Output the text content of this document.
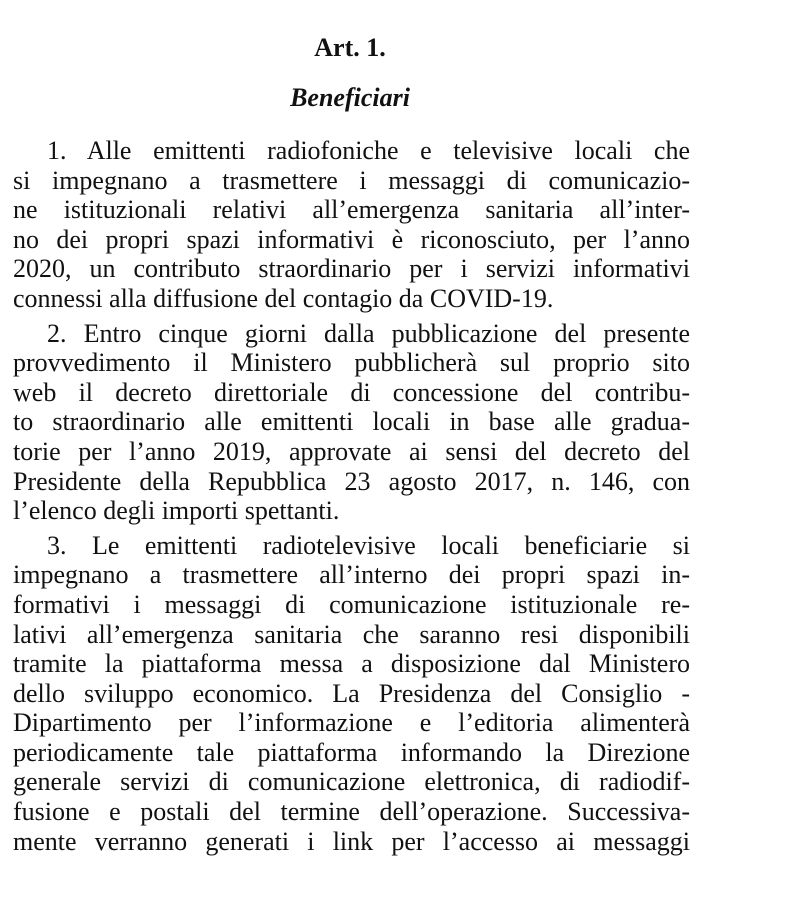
Art. 1.
Beneficiari
1. Alle emittenti radiofoniche e televisive locali che
si impegnano a trasmettere i messaggi di comunicazio-
ne istituzionali relativi all’emergenza sanitaria all’inter-
no dei propri spazi informativi è riconosciuto, per l’anno
2020, un contributo straordinario per i servizi informativi
connessi alla diffusione del contagio da COVID-19.
2. Entro cinque giorni dalla pubblicazione del presente
provvedimento il Ministero pubblicherà sul proprio sito
web il decreto direttoriale di concessione del contribu-
to straordinario alle emittenti locali in base alle gradua-
torie per l’anno 2019, approvate ai sensi del decreto del
Presidente della Repubblica 23 agosto 2017, n. 146, con
l’elenco degli importi spettanti.
3. Le emittenti radiotelevisive locali beneficiarie si
impegnano a trasmettere all’interno dei propri spazi in-
formativi i messaggi di comunicazione istituzionale re-
lativi all’emergenza sanitaria che saranno resi disponibili
tramite la piattaforma messa a disposizione dal Ministero
dello sviluppo economico. La Presidenza del Consiglio -
Dipartimento per l’informazione e l’editoria alimenterà
periodicamente tale piattaforma informando la Direzione
generale servizi di comunicazione elettronica, di radiodif-
fusione e postali del termine dell’operazione. Successiva-
mente verranno generati i link per l’accesso ai messaggi
